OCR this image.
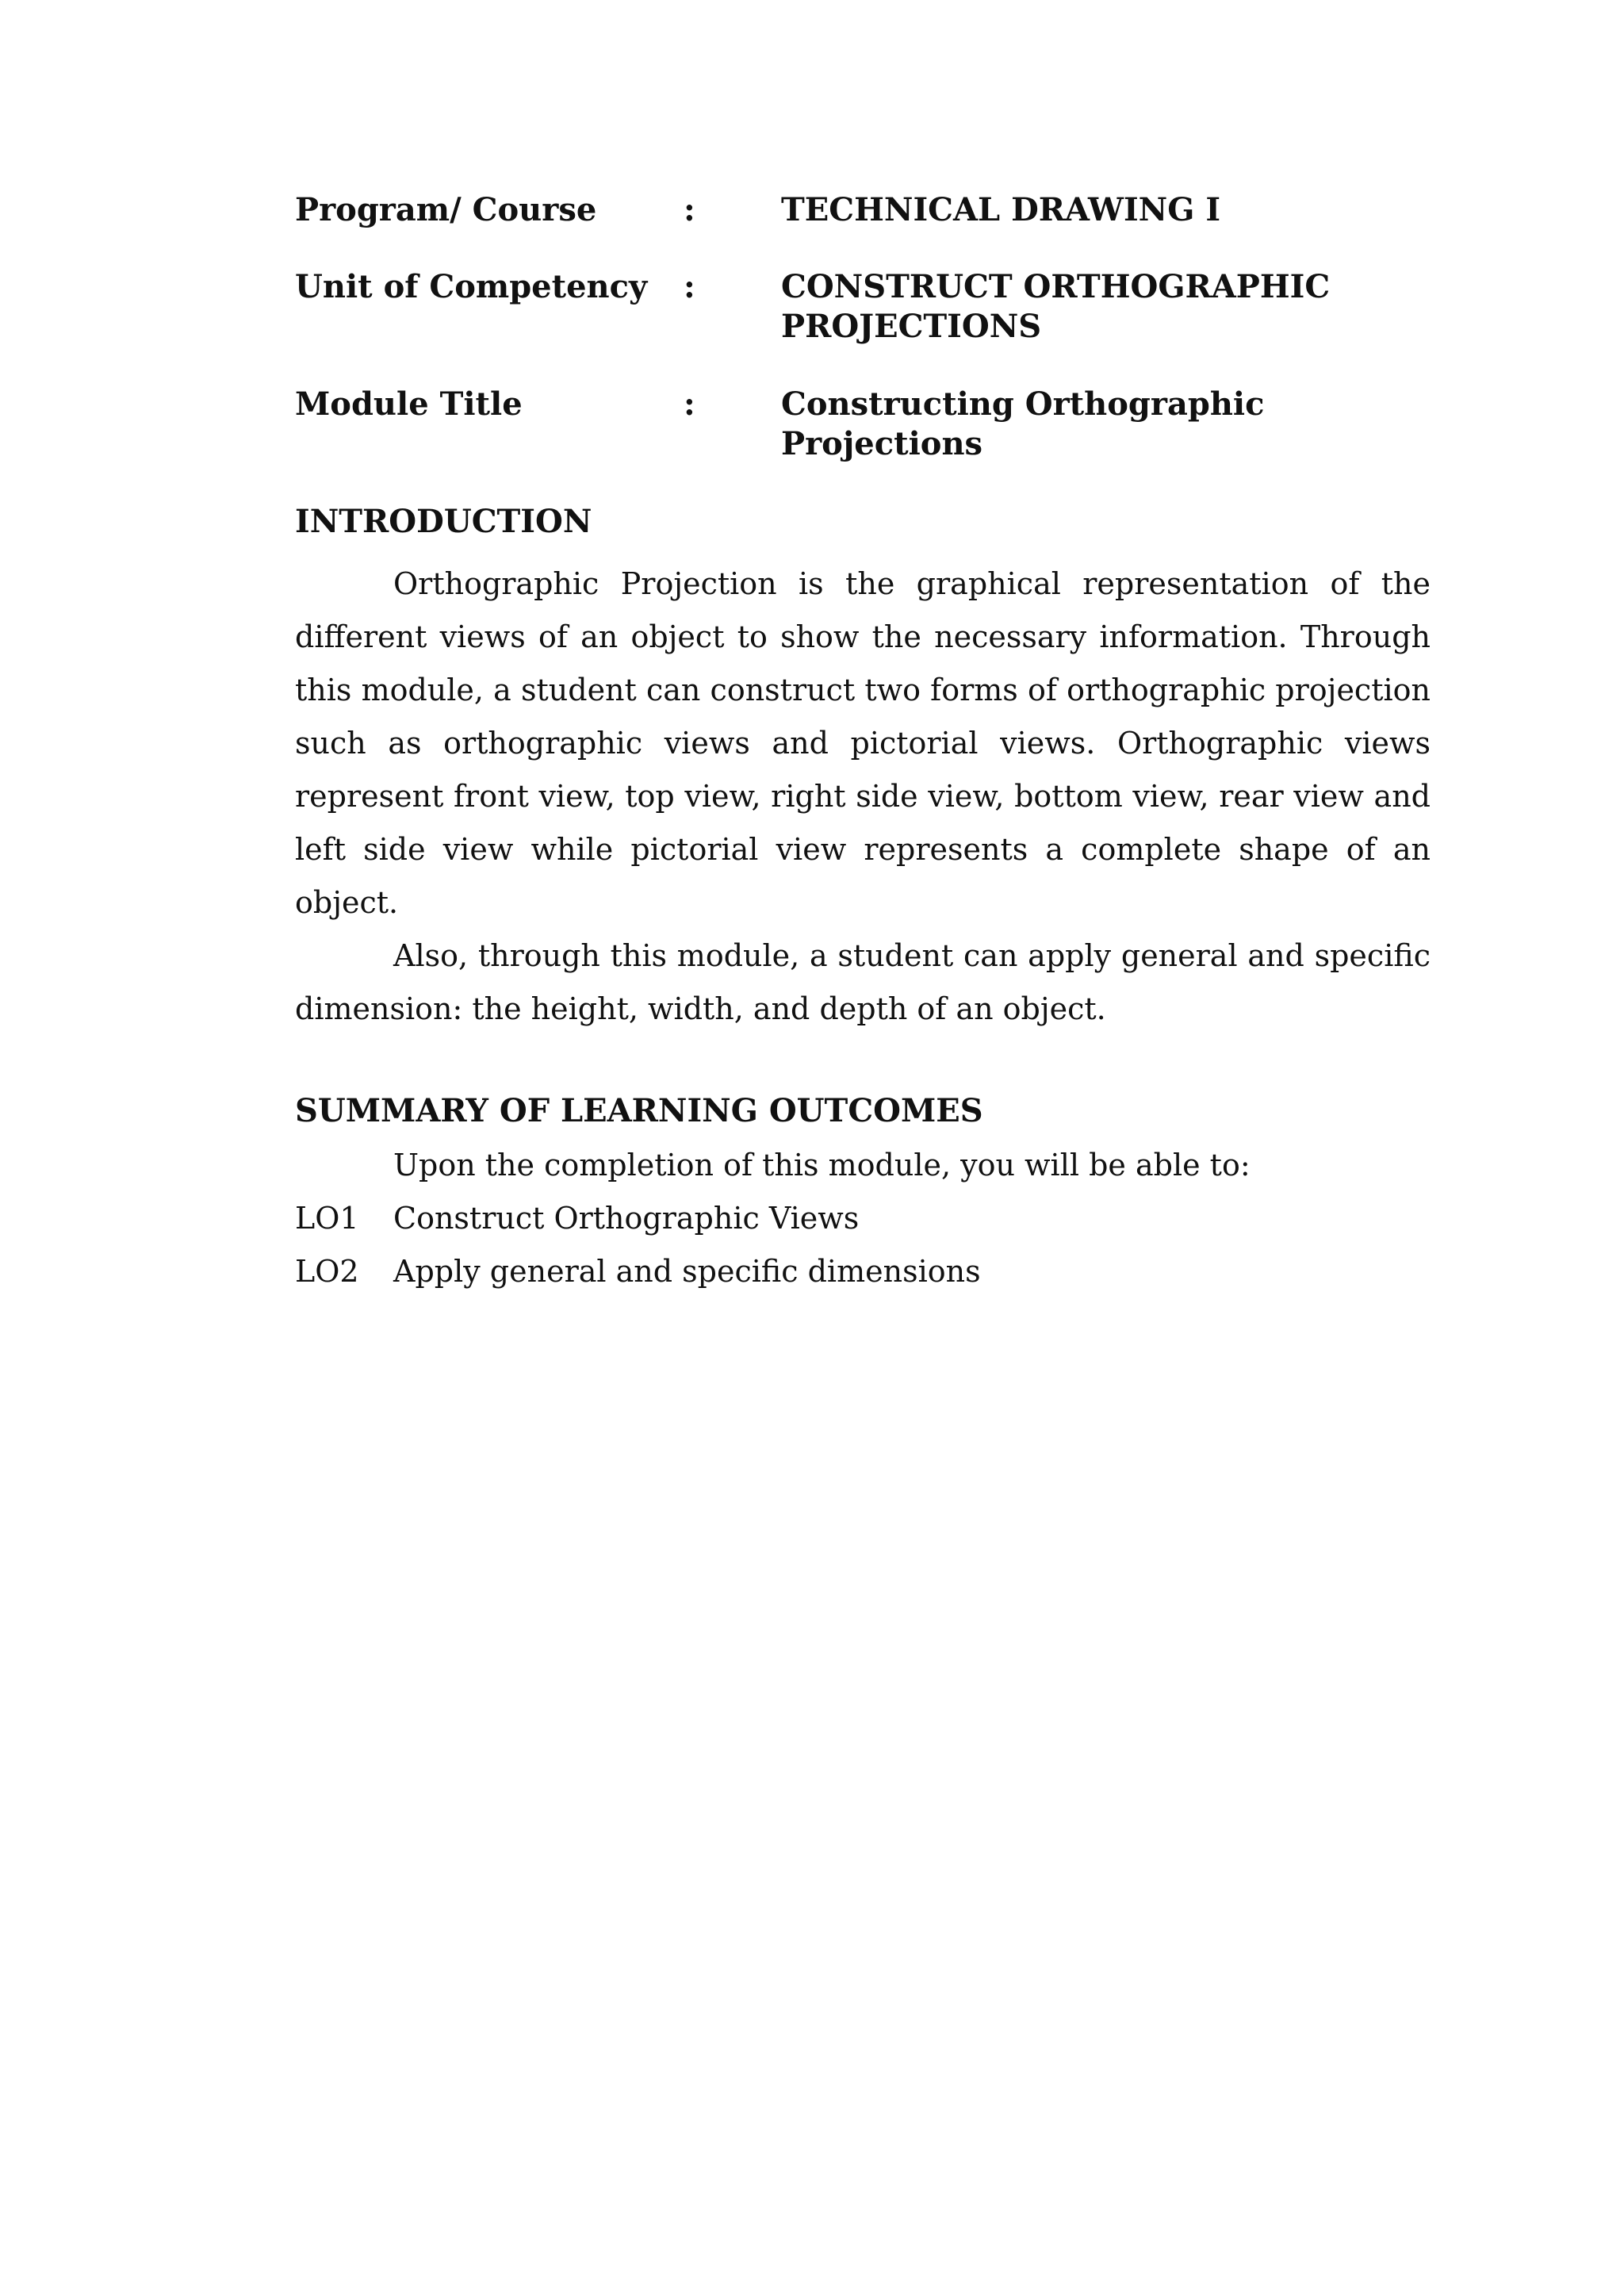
Program/ Course	:	TECHNICAL DRAWING I
Unit of Competency	:	CONSTRUCT ORTHOGRAPHIC PROJECTIONS
Module Title	:	Constructing Orthographic Projections
INTRODUCTION

Orthographic Projection is the graphical representation of the different views of an object to show the necessary information. Through this module, a student can construct two forms of orthographic projection such as orthographic views and pictorial views. Orthographic views represent front view, top view, right side view, bottom view, rear view and left side view while pictorial view represents a complete shape of an object.

Also, through this module, a student can apply general and specific dimension: the height, width, and depth of an object.

SUMMARY OF LEARNING OUTCOMES

Upon the completion of this module, you will be able to:

LO1	Construct Orthographic Views
LO2	Apply general and specific dimensions
